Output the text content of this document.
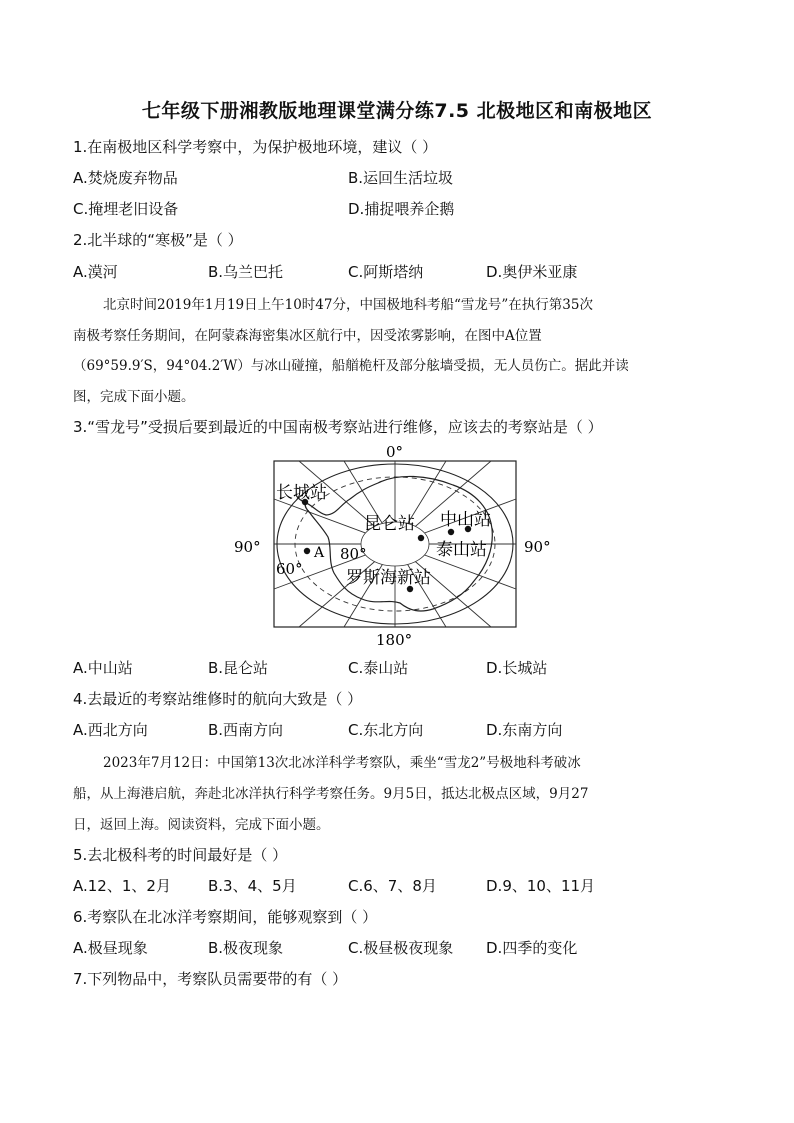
七年级下册湘教版地理课堂满分练7.5 北极地区和南极地区
1.在南极地区科学考察中，为保护极地环境，建议（ ）
A.焚烧废弃物品	B.运回生活垃圾
C.掩埋老旧设备	D.捕捉喂养企鹅
2.北半球的“寒极”是（ ）
A.漠河	B.乌兰巴托	C.阿斯塔纳	D.奥伊米亚康
北京时间2019年1月19日上午10时47分，中国极地科考船“雪龙号”在执行第35次
南极考察任务期间，在阿蒙森海密集冰区航行中，因受浓雾影响，在图中A位置
（69°59.9′S，94°04.2′W）与冰山碰撞，船艏桅杆及部分舷墙受损，无人员伤亡。据此并读
图，完成下面小题。
3.“雪龙号”受损后要到最近的中国南极考察站进行维修，应该去的考察站是（ ）
0°
180°
90°	90°
60°
80°
A
长城站
昆仑站 中山站
泰山站
罗斯海新站
A.中山站	B.昆仑站	C.泰山站	D.长城站
4.去最近的考察站维修时的航向大致是（ ）
A.西北方向	B.西南方向	C.东北方向	D.东南方向
2023年7月12日：中国第13次北冰洋科学考察队，乘坐“雪龙2”号极地科考破冰
船，从上海港启航，奔赴北冰洋执行科学考察任务。9月5日，抵达北极点区域，9月27
日，返回上海。阅读资料，完成下面小题。
5.去北极科考的时间最好是（ ）
A.12、1、2月 B.3、4、5月	C.6、7、8月	D.9、10、11月
6.考察队在北冰洋考察期间，能够观察到（ ）
A.极昼现象	B.极夜现象	C.极昼极夜现象 D.四季的变化
7.下列物品中，考察队员需要带的有（ ）
